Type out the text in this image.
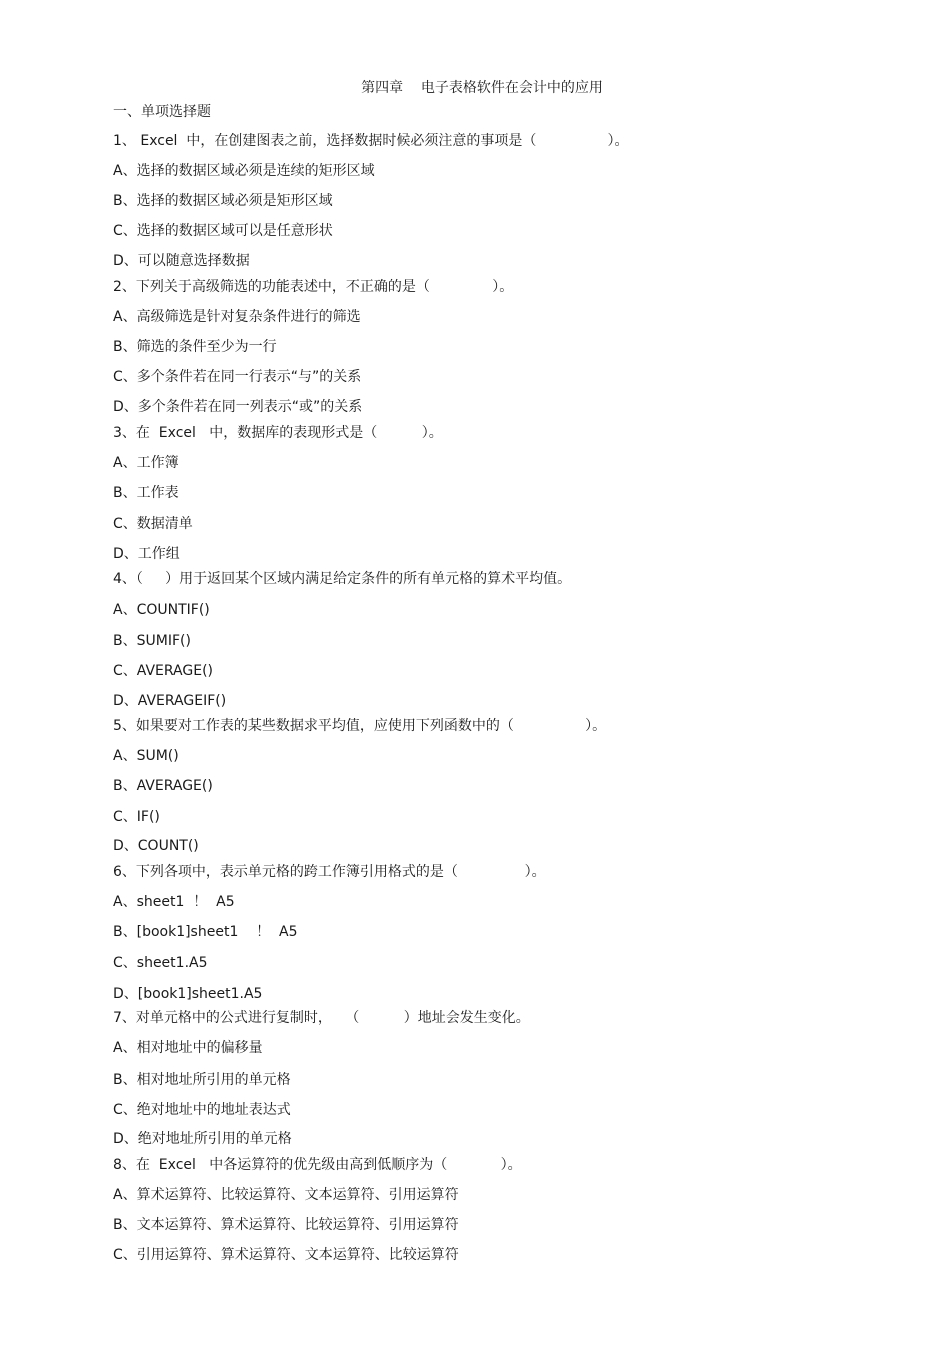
第四章    电子表格软件在会计中的应用
一、单项选择题
1、 Excel  中，在创建图表之前，选择数据时候必须注意的事项是（                ）。
A、选择的数据区域必须是连续的矩形区域
B、选择的数据区域必须是矩形区域
C、选择的数据区域可以是任意形状
D、可以随意选择数据
2、下列关于高级筛选的功能表述中，不正确的是（              ）。
A、高级筛选是针对复杂条件进行的筛选
B、筛选的条件至少为一行
C、多个条件若在同一行表示“与”的关系
D、多个条件若在同一列表示“或”的关系
3、在  Excel   中，数据库的表现形式是（          ）。
A、工作簿
B、工作表
C、数据清单
D、工作组
4、（     ）用于返回某个区域内满足给定条件的所有单元格的算术平均值。
A、COUNTIF()
B、SUMIF()
C、AVERAGE()
D、AVERAGEIF()
5、如果要对工作表的某些数据求平均值，应使用下列函数中的（                ）。
A、SUM()
B、AVERAGE()
C、IF()
D、COUNT()
6、下列各项中，表示单元格的跨工作簿引用格式的是（               ）。
A、sheet1  ！  A5
B、[book1]sheet1    ！  A5
C、sheet1.A5
D、[book1]sheet1.A5
7、对单元格中的公式进行复制时，   （          ）地址会发生变化。
A、相对地址中的偏移量
B、相对地址所引用的单元格
C、绝对地址中的地址表达式
D、绝对地址所引用的单元格
8、在  Excel   中各运算符的优先级由高到低顺序为（            ）。
A、算术运算符、比较运算符、文本运算符、引用运算符
B、文本运算符、算术运算符、比较运算符、引用运算符
C、引用运算符、算术运算符、文本运算符、比较运算符
